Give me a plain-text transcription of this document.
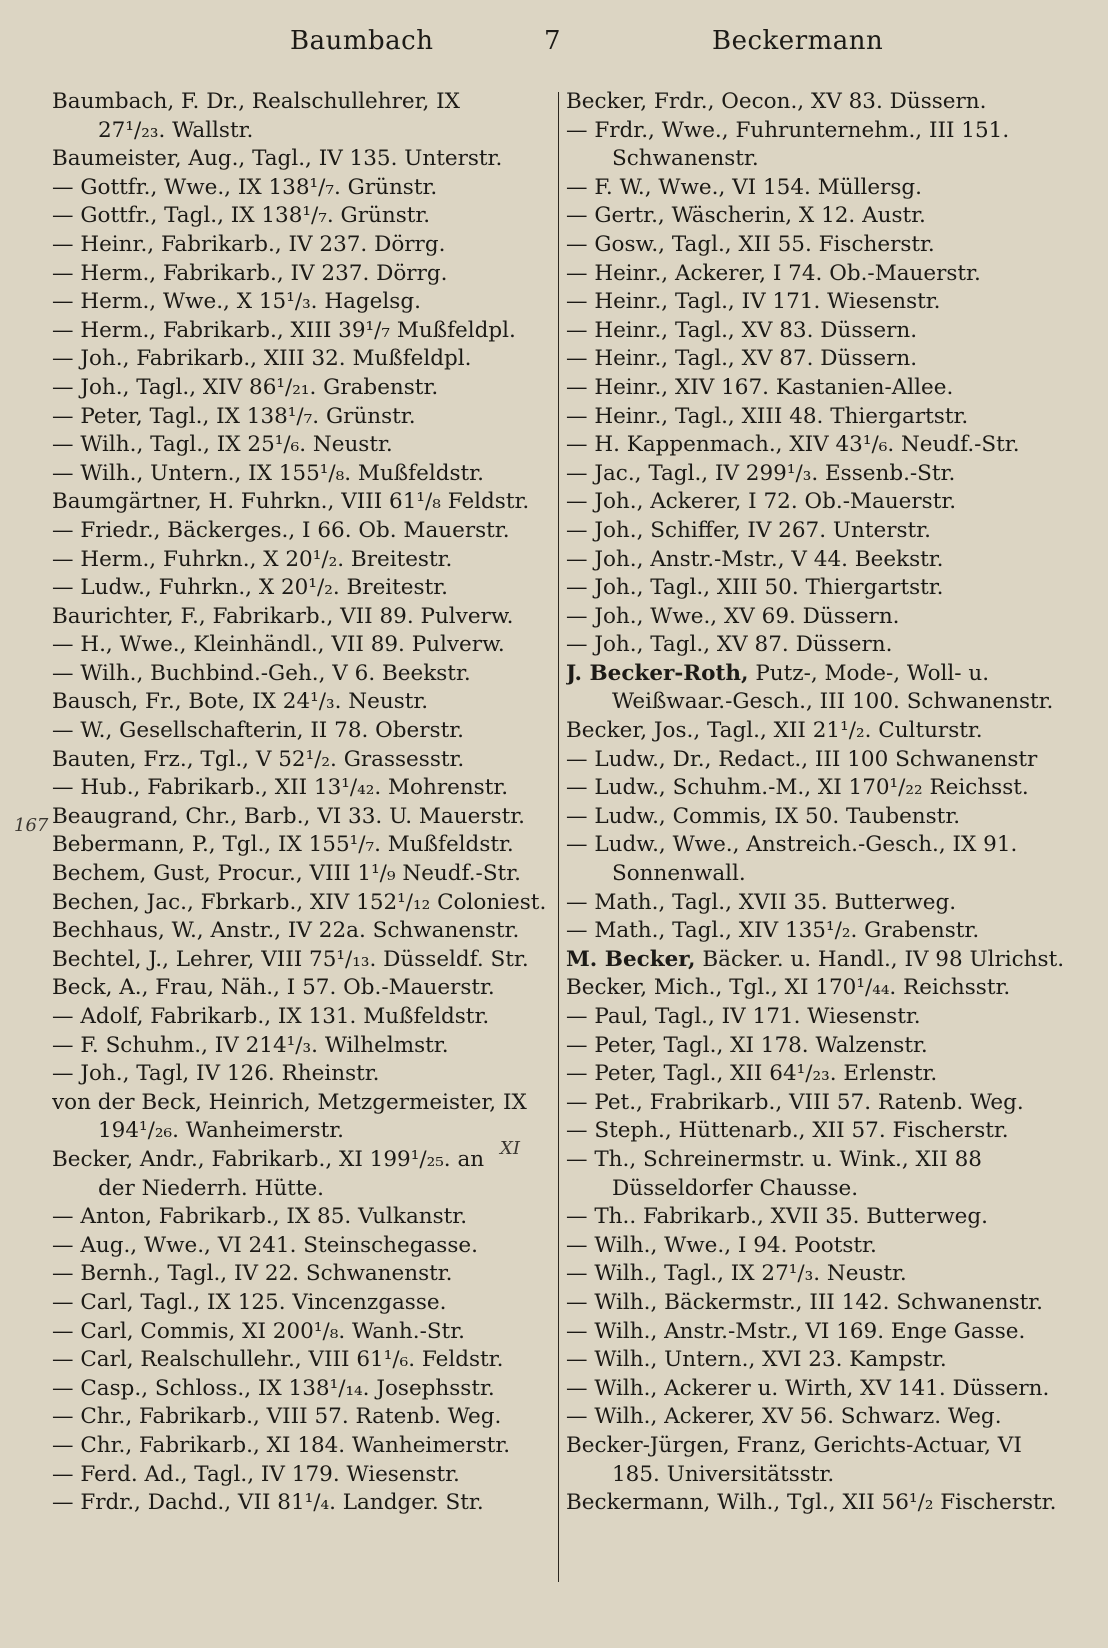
Baumbach	7	Beckermann
Baumbach, F. Dr., Realschullehrer, IX
27¹/₂₃. Wallstr.
Baumeister, Aug., Tagl., IV 135. Unterstr.
— Gottfr., Wwe., IX 138¹/₇. Grünstr.
— Gottfr., Tagl., IX 138¹/₇. Grünstr.
— Heinr., Fabrikarb., IV 237. Dörrg.
— Herm., Fabrikarb., IV 237. Dörrg.
— Herm., Wwe., X 15¹/₃. Hagelsg.
— Herm., Fabrikarb., XIII 39¹/₇ Mußfeldpl.
— Joh., Fabrikarb., XIII 32. Mußfeldpl.
— Joh., Tagl., XIV 86¹/₂₁. Grabenstr.
— Peter, Tagl., IX 138¹/₇. Grünstr.
— Wilh., Tagl., IX 25¹/₆. Neustr.
— Wilh., Untern., IX 155¹/₈. Mußfeldstr.
Baumgärtner, H. Fuhrkn., VIII 61¹/₈ Feldstr.
— Friedr., Bäckerges., I 66. Ob. Mauerstr.
— Herm., Fuhrkn., X 20¹/₂. Breitestr.
— Ludw., Fuhrkn., X 20¹/₂. Breitestr.
Baurichter, F., Fabrikarb., VII 89. Pulverw.
— H., Wwe., Kleinhändl., VII 89. Pulverw.
— Wilh., Buchbind.-Geh., V 6. Beekstr.
Bausch, Fr., Bote, IX 24¹/₃. Neustr.
— W., Gesellschafterin, II 78. Oberstr.
Bauten, Frz., Tgl., V 52¹/₂. Grassesstr.
— Hub., Fabrikarb., XII 13¹/₄₂. Mohrenstr.
Beaugrand, Chr., Barb., VI 33. U. Mauerstr.
Bebermann, P., Tgl., IX 155¹/₇. Mußfeldstr.
Bechem, Gust, Procur., VIII 1¹/₉ Neudf.-Str.
Bechen, Jac., Fbrkarb., XIV 152¹/₁₂ Coloniest.
Bechhaus, W., Anstr., IV 22a. Schwanenstr.
Bechtel, J., Lehrer, VIII 75¹/₁₃. Düsseldf. Str.
Beck, A., Frau, Näh., I 57. Ob.-Mauerstr.
— Adolf, Fabrikarb., IX 131. Mußfeldstr.
— F. Schuhm., IV 214¹/₃. Wilhelmstr.
— Joh., Tagl, IV 126. Rheinstr.
von der Beck, Heinrich, Metzgermeister, IX
194¹/₂₆. Wanheimerstr.
Becker, Andr., Fabrikarb., XI 199¹/₂₅. an
der Niederrh. Hütte.
— Anton, Fabrikarb., IX 85. Vulkanstr.
— Aug., Wwe., VI 241. Steinschegasse.
— Bernh., Tagl., IV 22. Schwanenstr.
— Carl, Tagl., IX 125. Vincenzgasse.
— Carl, Commis, XI 200¹/₈. Wanh.-Str.
— Carl, Realschullehr., VIII 61¹/₆. Feldstr.
— Casp., Schloss., IX 138¹/₁₄. Josephsstr.
— Chr., Fabrikarb., VIII 57. Ratenb. Weg.
— Chr., Fabrikarb., XI 184. Wanheimerstr.
— Ferd. Ad., Tagl., IV 179. Wiesenstr.
— Frdr., Dachd., VII 81¹/₄. Landger. Str.
Becker, Frdr., Oecon., XV 83. Düssern.
— Frdr., Wwe., Fuhrunternehm., III 151.
Schwanenstr.
— F. W., Wwe., VI 154. Müllersg.
— Gertr., Wäscherin, X 12. Austr.
— Gosw., Tagl., XII 55. Fischerstr.
— Heinr., Ackerer, I 74. Ob.-Mauerstr.
— Heinr., Tagl., IV 171. Wiesenstr.
— Heinr., Tagl., XV 83. Düssern.
— Heinr., Tagl., XV 87. Düssern.
— Heinr., XIV 167. Kastanien-Allee.
— Heinr., Tagl., XIII 48. Thiergartstr.
— H. Kappenmach., XIV 43¹/₆. Neudf.-Str.
— Jac., Tagl., IV 299¹/₃. Essenb.-Str.
— Joh., Ackerer, I 72. Ob.-Mauerstr.
— Joh., Schiffer, IV 267. Unterstr.
— Joh., Anstr.-Mstr., V 44. Beekstr.
— Joh., Tagl., XIII 50. Thiergartstr.
— Joh., Wwe., XV 69. Düssern.
— Joh., Tagl., XV 87. Düssern.
J. Becker-Roth, Putz-, Mode-, Woll- u.
Weißwaar.-Gesch., III 100. Schwanenstr.
Becker, Jos., Tagl., XII 21¹/₂. Culturstr.
— Ludw., Dr., Redact., III 100 Schwanenstr
— Ludw., Schuhm.-M., XI 170¹/₂₂ Reichsst.
— Ludw., Commis, IX 50. Taubenstr.
— Ludw., Wwe., Anstreich.-Gesch., IX 91.
Sonnenwall.
— Math., Tagl., XVII 35. Butterweg.
— Math., Tagl., XIV 135¹/₂. Grabenstr.
M. Becker, Bäcker. u. Handl., IV 98 Ulrichst.
Becker, Mich., Tgl., XI 170¹/₄₄. Reichsstr.
— Paul, Tagl., IV 171. Wiesenstr.
— Peter, Tagl., XI 178. Walzenstr.
— Peter, Tagl., XII 64¹/₂₃. Erlenstr.
— Pet., Frabrikarb., VIII 57. Ratenb. Weg.
— Steph., Hüttenarb., XII 57. Fischerstr.
— Th., Schreinermstr. u. Wink., XII 88
Düsseldorfer Chausse.
— Th.. Fabrikarb., XVII 35. Butterweg.
— Wilh., Wwe., I 94. Pootstr.
— Wilh., Tagl., IX 27¹/₃. Neustr.
— Wilh., Bäckermstr., III 142. Schwanenstr.
— Wilh., Anstr.-Mstr., VI 169. Enge Gasse.
— Wilh., Untern., XVI 23. Kampstr.
— Wilh., Ackerer u. Wirth, XV 141. Düssern.
— Wilh., Ackerer, XV 56. Schwarz. Weg.
Becker-Jürgen, Franz, Gerichts-Actuar, VI
185. Universitätsstr.
Beckermann, Wilh., Tgl., XII 56¹/₂ Fischerstr.
167
XI
